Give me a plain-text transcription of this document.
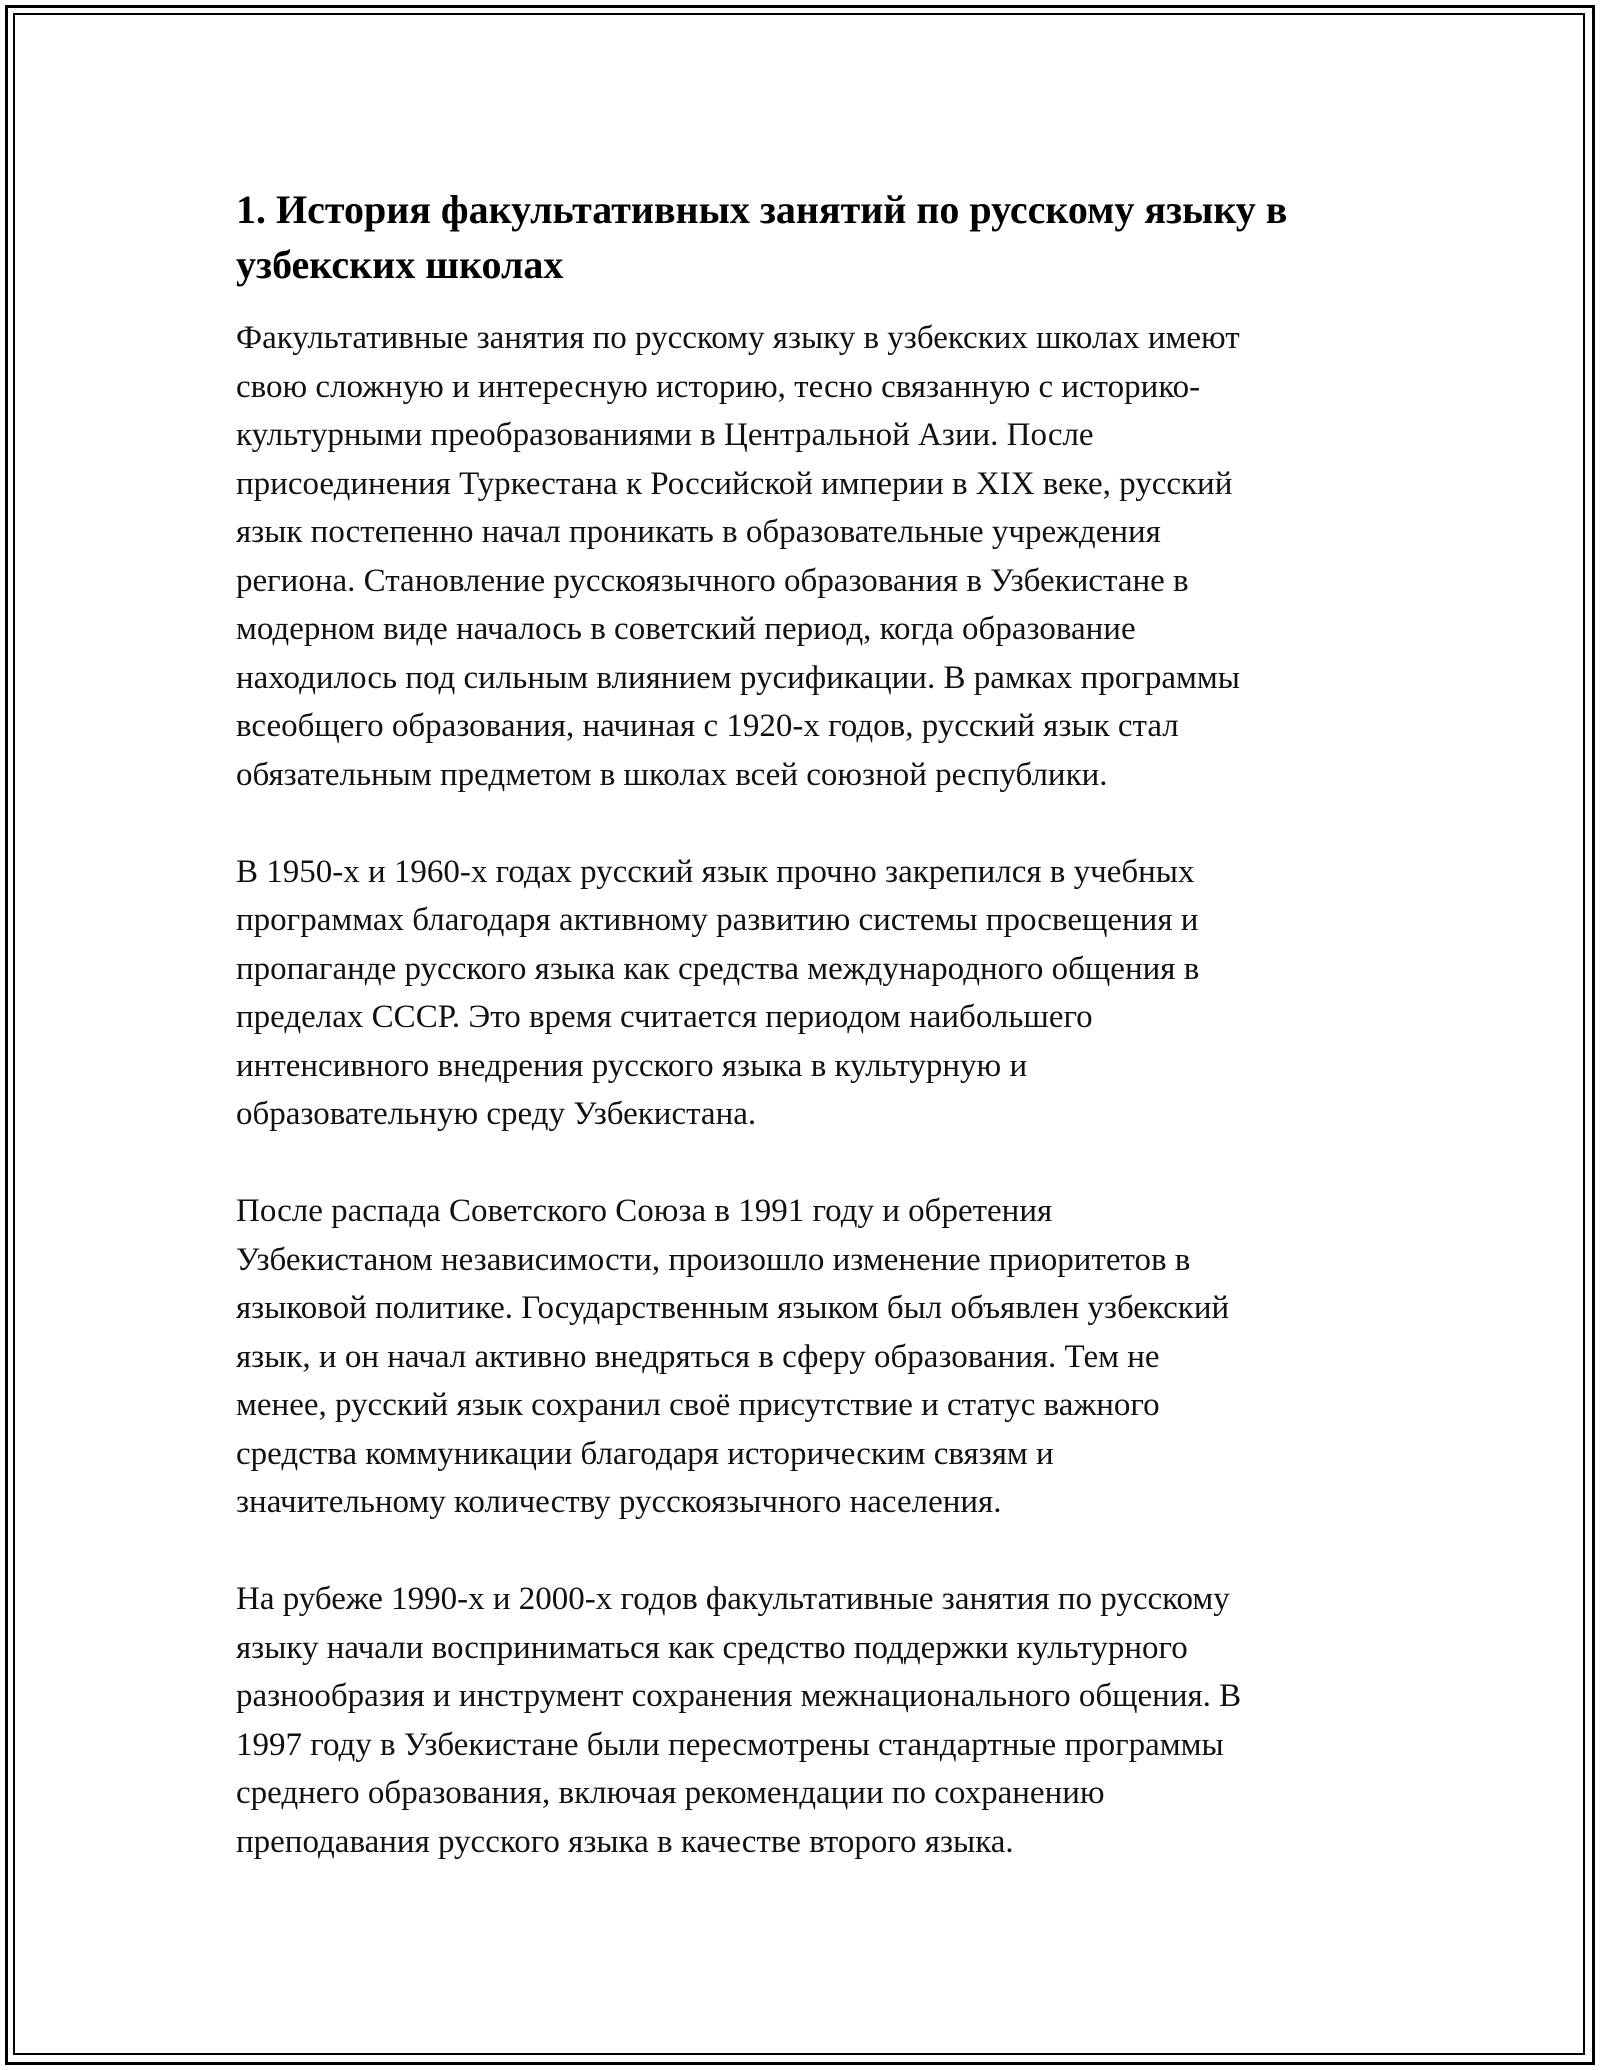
1. История факультативных занятий по русскому языку в
узбекских школах

Факультативные занятия по русскому языку в узбекских школах имеют
свою сложную и интересную историю, тесно связанную с историко-
культурными преобразованиями в Центральной Азии. После
присоединения Туркестана к Российской империи в XIX веке, русский
язык постепенно начал проникать в образовательные учреждения
региона. Становление русскоязычного образования в Узбекистане в
модерном виде началось в советский период, когда образование
находилось под сильным влиянием русификации. В рамках программы
всеобщего образования, начиная с 1920-х годов, русский язык стал
обязательным предметом в школах всей союзной республики.

В 1950-х и 1960-х годах русский язык прочно закрепился в учебных
программах благодаря активному развитию системы просвещения и
пропаганде русского языка как средства международного общения в
пределах СССР. Это время считается периодом наибольшего
интенсивного внедрения русского языка в культурную и
образовательную среду Узбекистана.

После распада Советского Союза в 1991 году и обретения
Узбекистаном независимости, произошло изменение приоритетов в
языковой политике. Государственным языком был объявлен узбекский
язык, и он начал активно внедряться в сферу образования. Тем не
менее, русский язык сохранил своё присутствие и статус важного
средства коммуникации благодаря историческим связям и
значительному количеству русскоязычного населения.

На рубеже 1990-х и 2000-х годов факультативные занятия по русскому
языку начали восприниматься как средство поддержки культурного
разнообразия и инструмент сохранения межнационального общения. В
1997 году в Узбекистане были пересмотрены стандартные программы
среднего образования, включая рекомендации по сохранению
преподавания русского языка в качестве второго языка.
